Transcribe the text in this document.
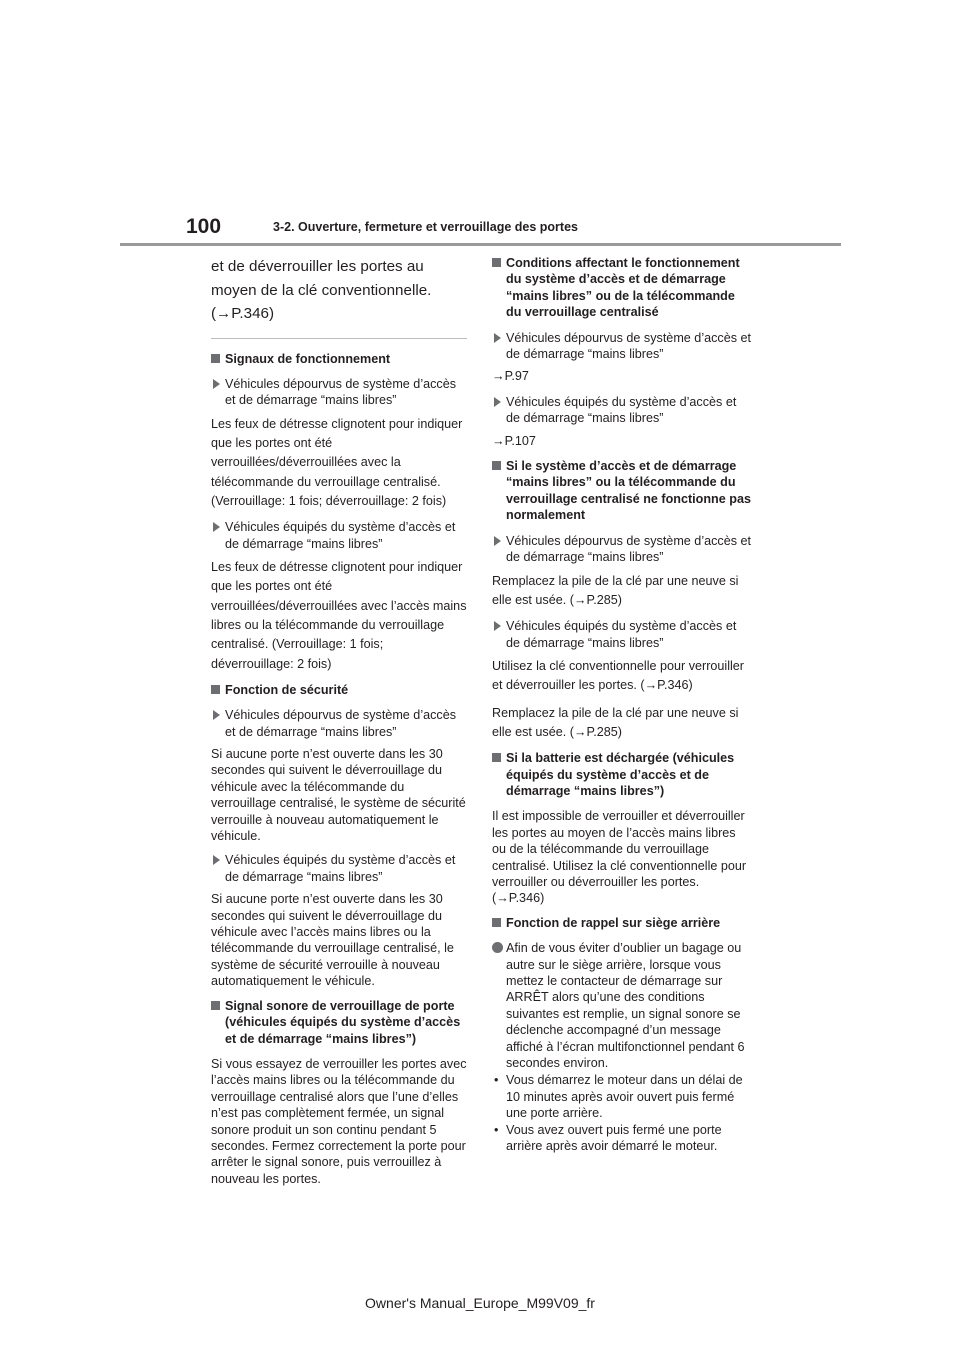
100	3-2. Ouverture, fermeture et verrouillage des portes

et de déverrouiller les portes au moyen de la clé conventionnelle. (→P.346)

Signaux de fonctionnement
Véhicules dépourvus de système d’accès et de démarrage “mains libres”

Les feux de détresse clignotent pour indiquer que les portes ont été verrouillées/déverrouillées avec la télécommande du verrouillage centralisé. (Verrouillage: 1 fois; déverrouillage: 2 fois)

Véhicules équipés du système d’accès et de démarrage “mains libres”

Les feux de détresse clignotent pour indiquer que les portes ont été verrouillées/déverrouillées avec l’accès mains libres ou la télécommande du verrouillage centralisé. (Verrouillage: 1 fois; déverrouillage: 2 fois)

Fonction de sécurité
Véhicules dépourvus de système d’accès et de démarrage “mains libres”

Si aucune porte n’est ouverte dans les 30 secondes qui suivent le déverrouillage du véhicule avec la télécommande du verrouillage centralisé, le système de sécurité verrouille à nouveau automatiquement le véhicule.

Véhicules équipés du système d’accès et de démarrage “mains libres”

Si aucune porte n’est ouverte dans les 30 secondes qui suivent le déverrouillage du véhicule avec l’accès mains libres ou la télécommande du verrouillage centralisé, le système de sécurité verrouille à nouveau automatiquement le véhicule.

Signal sonore de verrouillage de porte (véhicules équipés du système d’accès et de démarrage “mains libres”)

Si vous essayez de verrouiller les portes avec l’accès mains libres ou la télécommande du verrouillage centralisé alors que l’une d’elles n’est pas complètement fermée, un signal sonore produit un son continu pendant 5 secondes. Fermez correctement la porte pour arrêter le signal sonore, puis verrouillez à nouveau les portes.

Conditions affectant le fonctionnement du système d’accès et de démarrage “mains libres” ou de la télécommande du verrouillage centralisé
Véhicules dépourvus de système d’accès et de démarrage “mains libres”

→P.97

Véhicules équipés du système d’accès et de démarrage “mains libres”

→P.107

Si le système d’accès et de démarrage “mains libres” ou la télécommande du verrouillage centralisé ne fonctionne pas normalement
Véhicules dépourvus de système d’accès et de démarrage “mains libres”

Remplacez la pile de la clé par une neuve si elle est usée. (→P.285)

Véhicules équipés du système d’accès et de démarrage “mains libres”

Utilisez la clé conventionnelle pour verrouiller et déverrouiller les portes. (→P.346)

Remplacez la pile de la clé par une neuve si elle est usée. (→P.285)

Si la batterie est déchargée (véhicules équipés du système d’accès et de démarrage “mains libres”)

Il est impossible de verrouiller et déverrouiller les portes au moyen de l’accès mains libres ou de la télécommande du verrouillage centralisé. Utilisez la clé conventionnelle pour verrouiller ou déverrouiller les portes. (→P.346)

Fonction de rappel sur siège arrière
Afin de vous éviter d’oublier un bagage ou autre sur le siège arrière, lorsque vous mettez le contacteur de démarrage sur ARRÊT alors qu’une des conditions suivantes est remplie, un signal sonore se déclenche accompagné d’un message affiché à l’écran multifonctionnel pendant 6 secondes environ.
• Vous démarrez le moteur dans un délai de 10 minutes après avoir ouvert puis fermé une porte arrière.
• Vous avez ouvert puis fermé une porte arrière après avoir démarré le moteur.
Owner's Manual_Europe_M99V09_fr
